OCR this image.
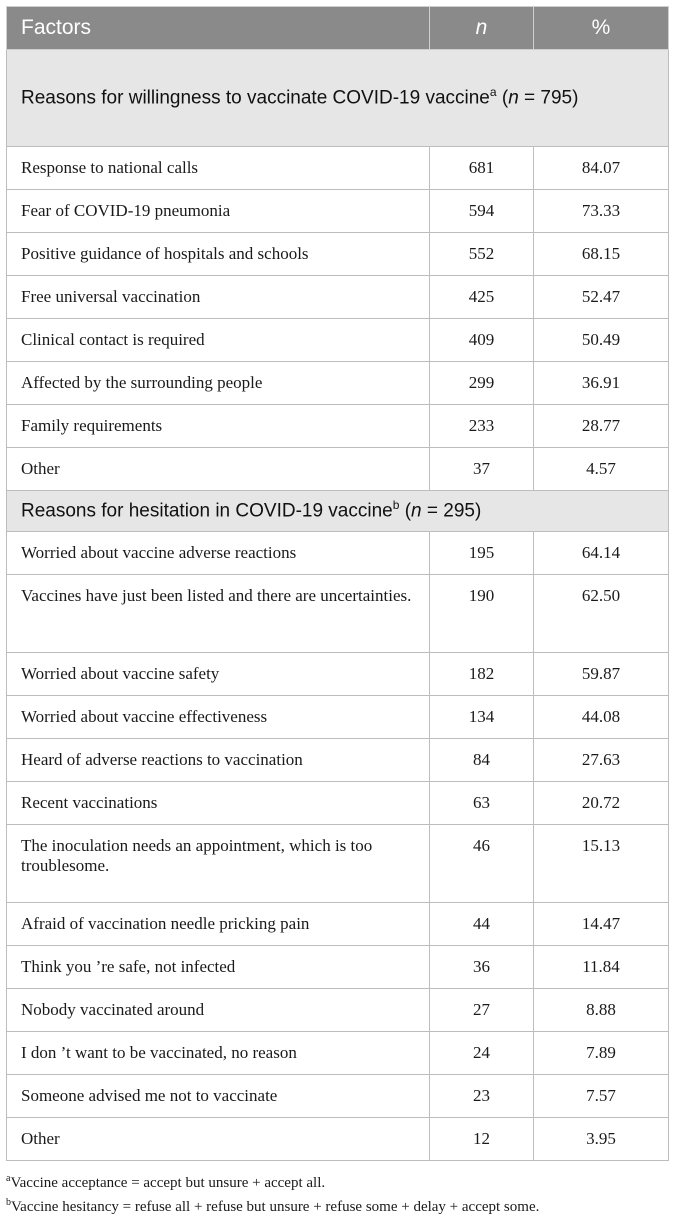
Factors	n	%
Reasons for willingness to vaccinate COVID-19 vaccine$^a$ (n = 795)		
Response to national calls	681	84.07
Fear of COVID-19 pneumonia	594	73.33
Positive guidance of hospitals and schools	552	68.15
Free universal vaccination	425	52.47
Clinical contact is required	409	50.49
Affected by the surrounding people	299	36.91
Family requirements	233	28.77
Other	37	4.57
Reasons for hesitation in COVID-19 vaccine$^b$ (n = 295)		
Worried about vaccine adverse reactions	195	64.14
Vaccines have just been listed and there are uncertainties.	190	62.50
Worried about vaccine safety	182	59.87
Worried about vaccine effectiveness	134	44.08
Heard of adverse reactions to vaccination	84	27.63
Recent vaccinations	63	20.72
The inoculation needs an appointment, which is too troublesome.	46	15.13
Afraid of vaccination needle pricking pain	44	14.47
Think you ’re safe, not infected	36	11.84
Nobody vaccinated around	27	8.88
I don ’t want to be vaccinated, no reason	24	7.89
Someone advised me not to vaccinate	23	7.57
Other	12	3.95
$^a$Vaccine acceptance = accept but unsure + accept all.
$^b$Vaccine hesitancy = refuse all + refuse but unsure + refuse some + delay + accept some.
